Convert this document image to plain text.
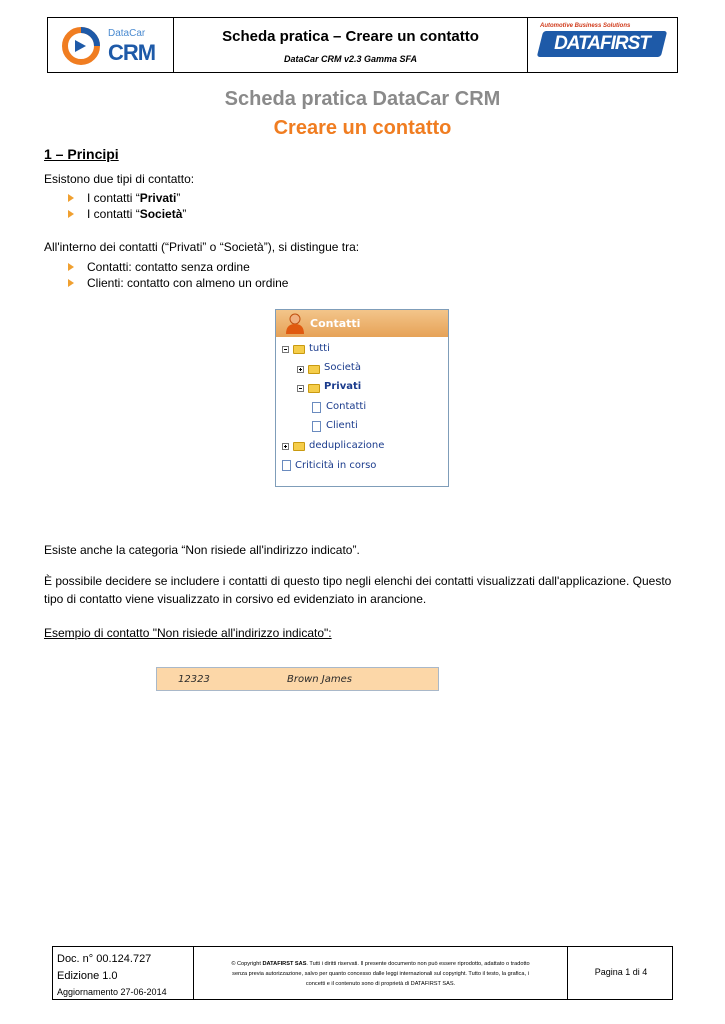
DataCar
CRM
Scheda pratica – Creare un contatto
DataCar CRM v2.3 Gamma SFA
Automotive Business Solutions
DATAFIRST
Scheda pratica DataCar CRM
Creare un contatto
1 – Principi
Esistono due tipi di contatto:
I contatti “Privati”
I contatti “Società”
All'interno dei contatti (“Privati” o “Società”), si distingue tra:
Contatti: contatto senza ordine
Clienti: contatto con almeno un ordine
Contatti
tutti
Società
Privati
Contatti
Clienti
deduplicazione
Criticità in corso
Esiste anche la categoria “Non risiede all'indirizzo indicato”.
È possibile decidere se includere i contatti di questo tipo negli elenchi dei contatti visualizzati dall'applicazione. Questo
tipo di contatto viene visualizzato in corsivo ed evidenziato in arancione.
Esempio di contatto "Non risiede all'indirizzo indicato":
12323	Brown James
Doc. n° 00.124.727
Edizione 1.0
Aggiornamento 27-06-2014
© Copyright DATAFIRST SAS. Tutti i diritti riservati. Il presente documento non può essere riprodotto, adattato o tradotto
senza previa autorizzazione, salvo per quanto concesso dalle leggi internazionali sul copyright. Tutto il testo, la grafica, i
concetti e il contenuto sono di proprietà di DATAFIRST SAS.
Pagina 1 di 4
